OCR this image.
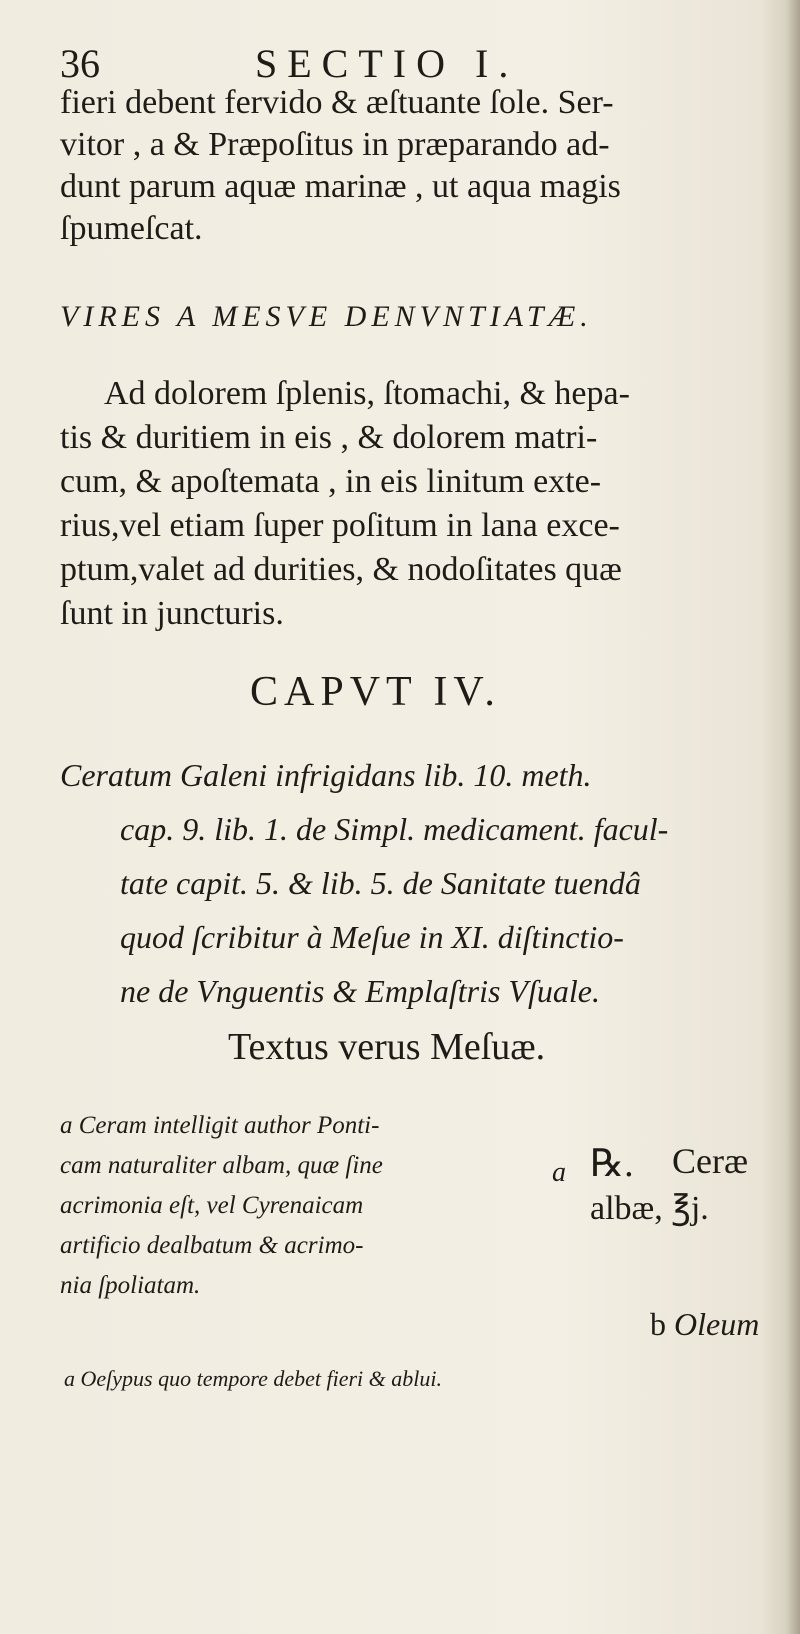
36	SECTIO I.
fieri debent fervido & æſtuante ſole. Ser-
vitor , a & Præpoſitus in præparando ad-
dunt parum aquæ marinæ , ut aqua magis
ſpumeſcat.
VIRES A MESVE DENVNTIATÆ.
Ad dolorem ſplenis, ſtomachi, & hepa-
tis & duritiem in eis , & dolorem matri-
cum, & apoſtemata , in eis linitum exte-
rius,vel etiam ſuper poſitum in lana exce-
ptum,valet ad durities, & nodoſitates quæ
ſunt in juncturis.
CAPVT IV.
Ceratum Galeni infrigidans lib. 10. meth.
cap. 9. lib. 1. de Simpl. medicament. facul-
tate capit. 5. & lib. 5. de Sanitate tuendâ
quod ſcribitur à Meſue in XI. diſtinctio-
ne de Vnguentis & Emplaſtris Vſuale.
Textus verus Meſuæ.
a Ceram intelligit author Ponti-
cam naturaliter albam, quæ ſine
acrimonia eſt, vel Cyrenaicam
artificio dealbatum & acrimo-
nia ſpoliatam.
a ℞. Ceræ
albæ, ℥j.
b Oleum
a Oeſypus quo tempore debet fieri & ablui.
